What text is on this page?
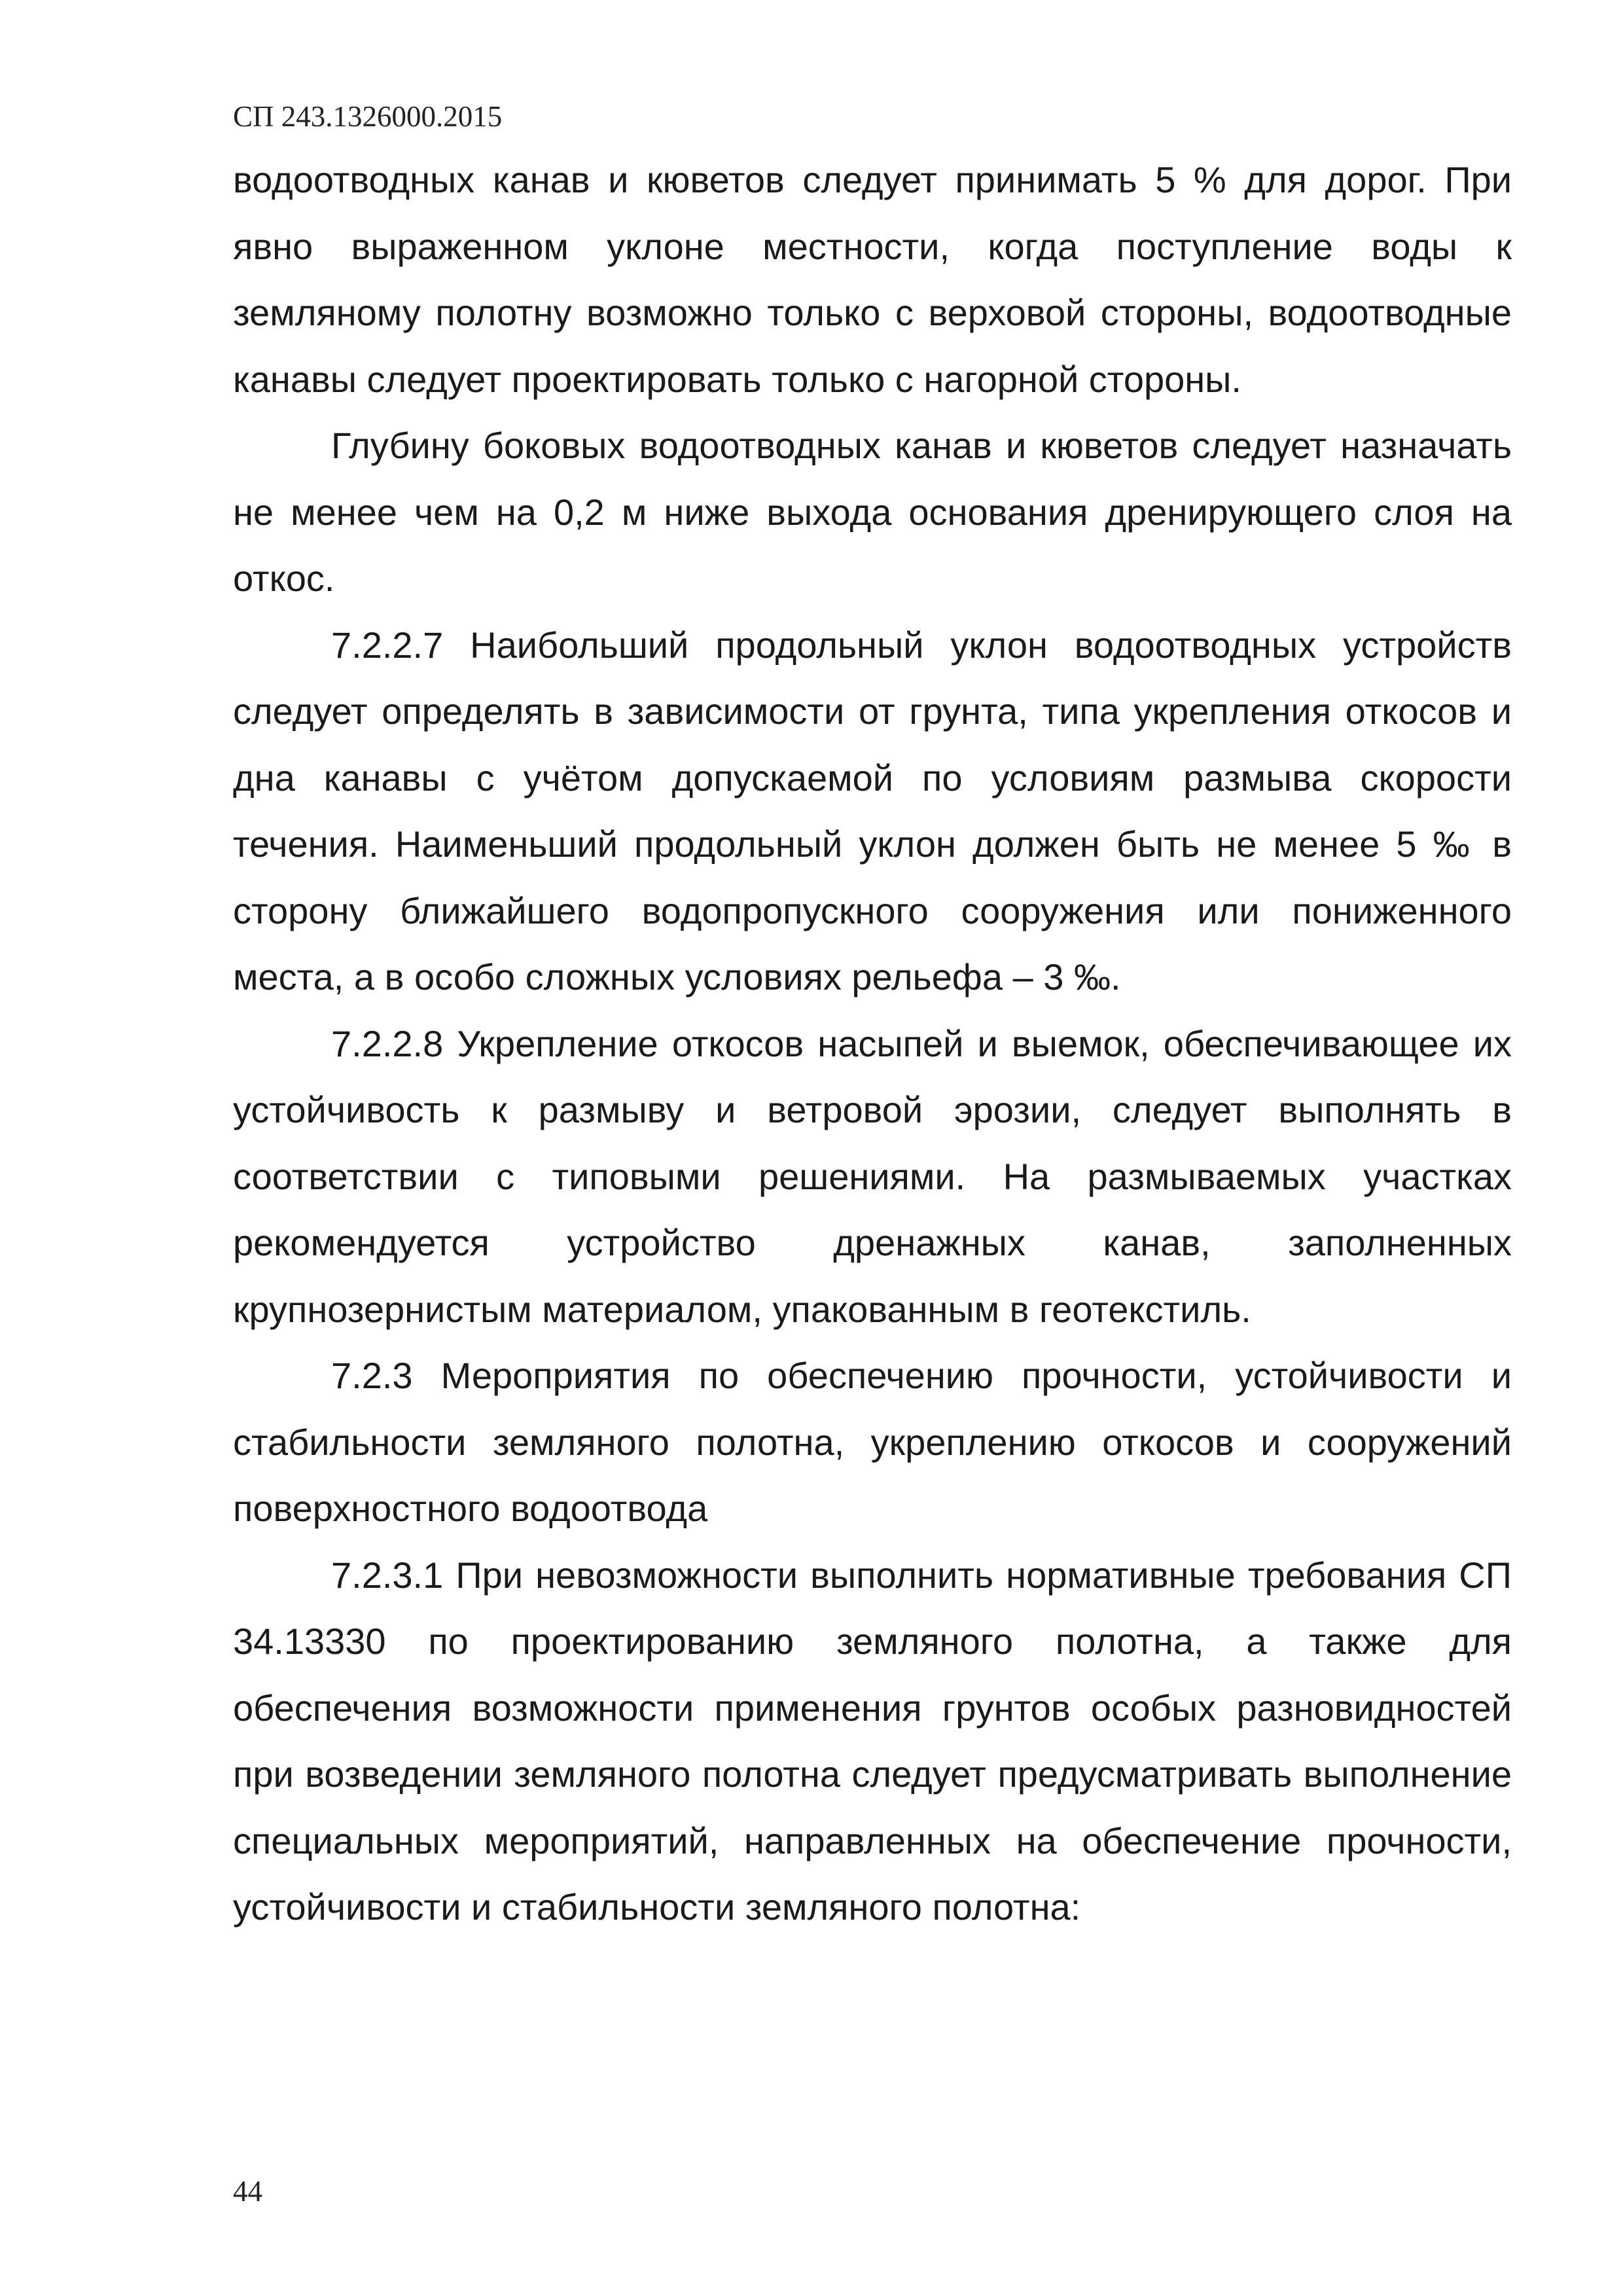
СП 243.1326000.2015

водоотводных канав и кюветов следует принимать 5 % для дорог. При явно выраженном уклоне местности, когда поступление воды к земляному полотну возможно только с верховой стороны, водоотводные канавы следует проектировать только с нагорной стороны.

Глубину боковых водоотводных канав и кюветов следует назначать не менее чем на 0,2 м ниже выхода основания дренирующего слоя на откос.

7.2.2.7 Наибольший продольный уклон водоотводных устройств следует определять в зависимости от грунта, типа укрепления откосов и дна канавы с учётом допускаемой по условиям размыва скорости течения. Наименьший продольный уклон должен быть не менее 5 ‰ в сторону ближайшего водопропускного сооружения или пониженного места, а в особо сложных условиях рельефа – 3 ‰.

7.2.2.8 Укрепление откосов насыпей и выемок, обеспечивающее их устойчивость к размыву и ветровой эрозии, следует выполнять в соответствии с типовыми решениями. На размываемых участках рекомендуется устройство дренажных канав, заполненных крупнозернистым материалом, упакованным в геотекстиль.

7.2.3 Мероприятия по обеспечению прочности, устойчивости и стабильности земляного полотна, укреплению откосов и сооружений поверхностного водоотвода

7.2.3.1 При невозможности выполнить нормативные требования СП 34.13330 по проектированию земляного полотна, а также для обеспечения возможности применения грунтов особых разновидностей при возведении земляного полотна следует предусматривать выполнение специальных мероприятий, направленных на обеспечение прочности, устойчивости и стабильности земляного полотна:

44
